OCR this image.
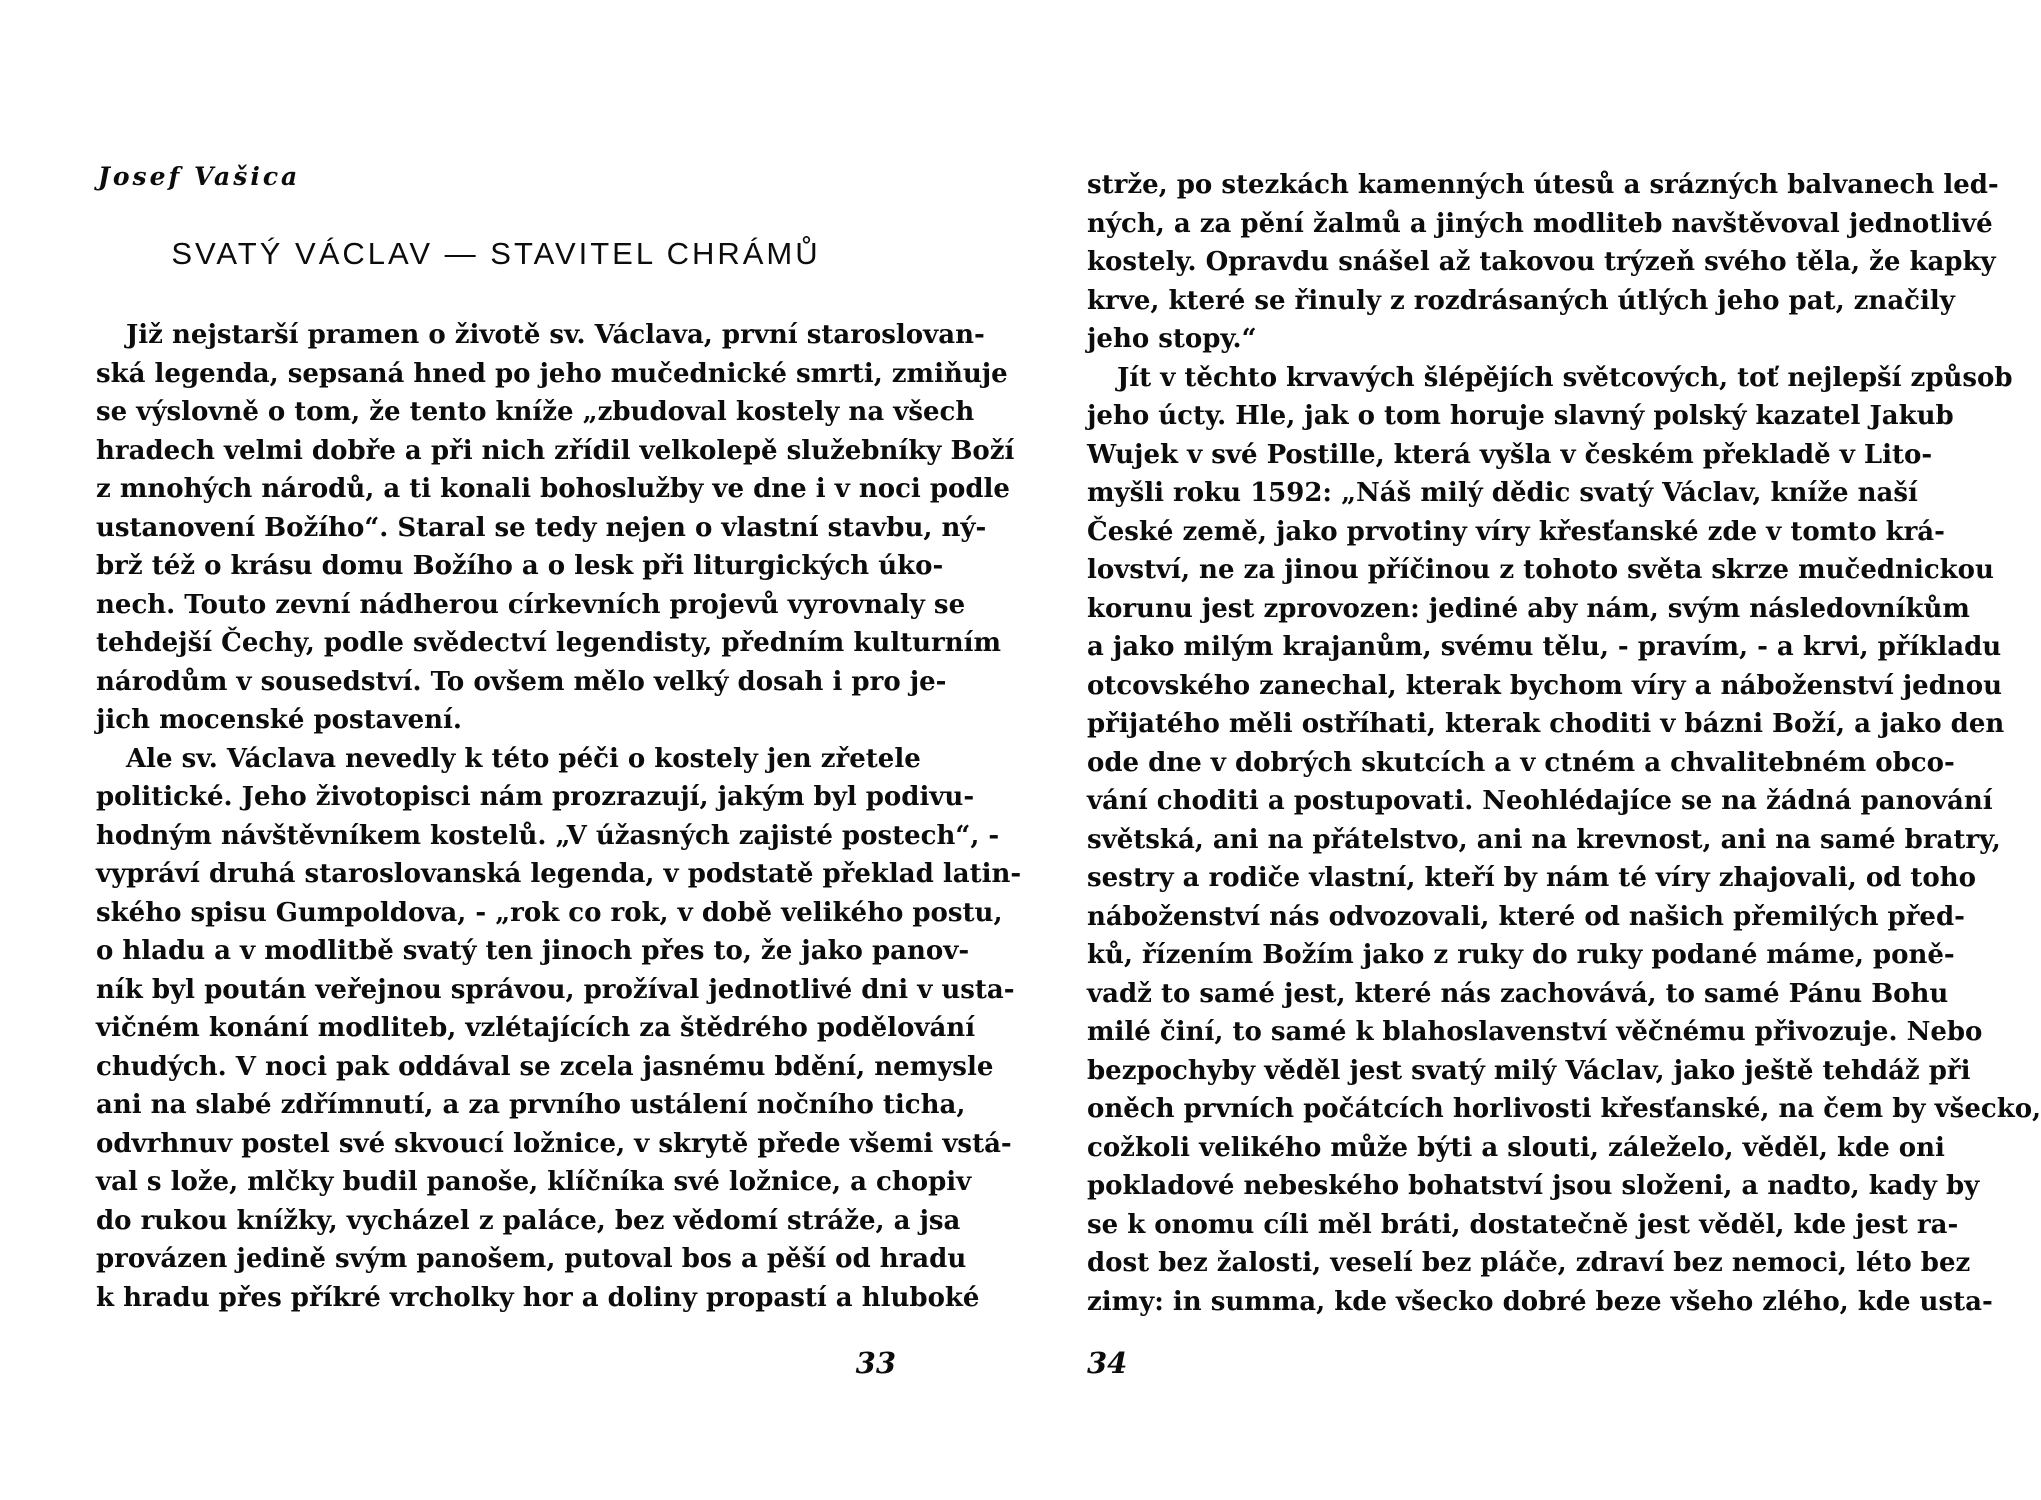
Josef Vašica
SVATÝ VÁCLAV — STAVITEL CHRÁMŮ
Již nejstarší pramen o životě sv. Václava, první staroslovan-
ská legenda, sepsaná hned po jeho mučednické smrti, zmiňuje
se výslovně o tom, že tento kníže „zbudoval kostely na všech
hradech velmi dobře a při nich zřídil velkolepě služebníky Boží
z mnohých národů, a ti konali bohoslužby ve dne i v noci podle
ustanovení Božího“. Staral se tedy nejen o vlastní stavbu, ný-
brž též o krásu domu Božího a o lesk při liturgických úko-
nech. Touto zevní nádherou církevních projevů vyrovnaly se
tehdejší Čechy, podle svědectví legendisty, předním kulturním
národům v sousedství. To ovšem mělo velký dosah i pro je-
jich mocenské postavení.
Ale sv. Václava nevedly k této péči o kostely jen zřetele
politické. Jeho životopisci nám prozrazují, jakým byl podivu-
hodným návštěvníkem kostelů. „V úžasných zajisté postech“, -
vypráví druhá staroslovanská legenda, v podstatě překlad latin-
ského spisu Gumpoldova, - „rok co rok, v době velikého postu,
o hladu a v modlitbě svatý ten jinoch přes to, že jako panov-
ník byl poután veřejnou správou, prožíval jednotlivé dni v usta-
vičném konání modliteb, vzlétajících za štědrého podělování
chudých. V noci pak oddával se zcela jasnému bdění, nemysle
ani na slabé zdřímnutí, a za prvního ustálení nočního ticha,
odvrhnuv postel své skvoucí ložnice, v skrytě přede všemi vstá-
val s lože, mlčky budil panoše, klíčníka své ložnice, a chopiv
do rukou knížky, vycházel z paláce, bez vědomí stráže, a jsa
provázen jedině svým panošem, putoval bos a pěší od hradu
k hradu přes příkré vrcholky hor a doliny propastí a hluboké
33
strže, po stezkách kamenných útesů a srázných balvanech led-
ných, a za pění žalmů a jiných modliteb navštěvoval jednotlivé
kostely. Opravdu snášel až takovou trýzeň svého těla, že kapky
krve, které se řinuly z rozdrásaných útlých jeho pat, značily
jeho stopy.“
Jít v těchto krvavých šlépějích světcových, toť nejlepší způsob
jeho úcty. Hle, jak o tom horuje slavný polský kazatel Jakub
Wujek v své Postille, která vyšla v českém překladě v Lito-
myšli roku 1592: „Náš milý dědic svatý Václav, kníže naší
České země, jako prvotiny víry křesťanské zde v tomto krá-
lovství, ne za jinou příčinou z tohoto světa skrze mučednickou
korunu jest zprovozen: jediné aby nám, svým následovníkům
a jako milým krajanům, svému tělu, - pravím, - a krvi, příkladu
otcovského zanechal, kterak bychom víry a náboženství jednou
přijatého měli ostříhati, kterak choditi v bázni Boží, a jako den
ode dne v dobrých skutcích a v ctném a chvalitebném obco-
vání choditi a postupovati. Neohlédajíce se na žádná panování
světská, ani na přátelstvo, ani na krevnost, ani na samé bratry,
sestry a rodiče vlastní, kteří by nám té víry zhajovali, od toho
náboženství nás odvozovali, které od našich přemilých před-
ků, řízením Božím jako z ruky do ruky podané máme, poně-
vadž to samé jest, které nás zachovává, to samé Pánu Bohu
milé činí, to samé k blahoslavenství věčnému přivozuje. Nebo
bezpochyby věděl jest svatý milý Václav, jako ještě tehdáž při
oněch prvních počátcích horlivosti křesťanské, na čem by všecko,
cožkoli velikého může býti a slouti, záleželo, věděl, kde oni
pokladové nebeského bohatství jsou složeni, a nadto, kady by
se k onomu cíli měl bráti, dostatečně jest věděl, kde jest ra-
dost bez žalosti, veselí bez pláče, zdraví bez nemoci, léto bez
zimy: in summa, kde všecko dobré beze všeho zlého, kde usta-
34
